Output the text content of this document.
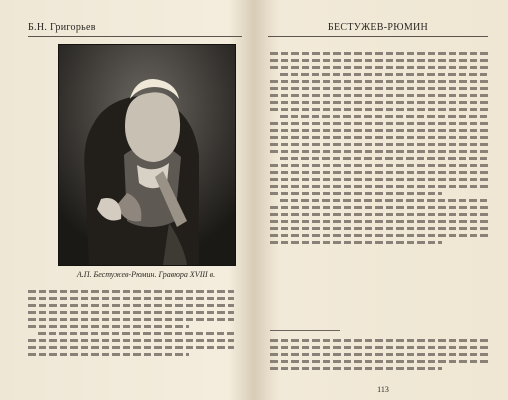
Б.Н. Григорьев
А.П. Бестужев-Рюмин. Гравюра XVIII в.
БЕСТУЖЕВ-РЮМИН
113
